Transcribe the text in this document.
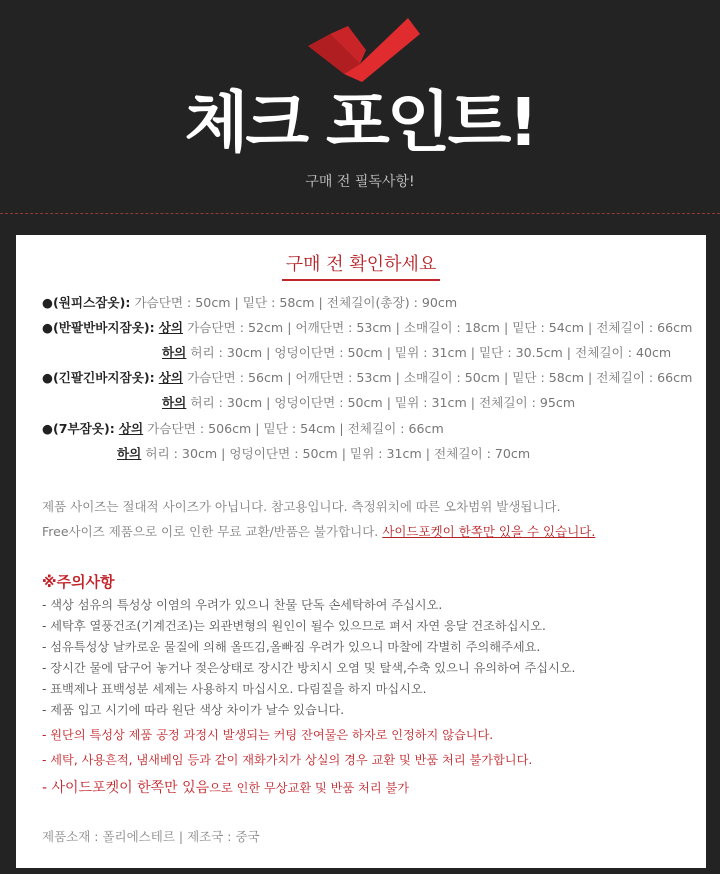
체크 포인트!
구매 전 필독사항!
구매 전 확인하세요
●(원피스잠옷): 가슴단면 : 50cm | 밑단 : 58cm | 전체길이(총장) : 90cm
●(반팔반바지잠옷): 상의 가슴단면 : 52cm | 어깨단면 : 53cm | 소매길이 : 18cm | 밑단 : 54cm | 전체길이 : 66cm
하의 허리 : 30cm | 엉덩이단면 : 50cm | 밑위 : 31cm | 밑단 : 30.5cm | 전체길이 : 40cm
●(긴팔긴바지잠옷): 상의 가슴단면 : 56cm | 어깨단면 : 53cm | 소매길이 : 50cm | 밑단 : 58cm | 전체길이 : 66cm
하의 허리 : 30cm | 엉덩이단면 : 50cm | 밑위 : 31cm | 전체길이 : 95cm
●(7부잠옷): 상의 가슴단면 : 506cm | 밑단 : 54cm | 전체길이 : 66cm
하의 허리 : 30cm | 엉덩이단면 : 50cm | 밑위 : 31cm | 전체길이 : 70cm
제품 사이즈는 절대적 사이즈가 아닙니다. 참고용입니다. 측정위치에 따른 오차범위 발생됩니다.
Free사이즈 제품으로 이로 인한 무료 교환/반품은 불가합니다. 사이드포켓이 한쪽만 있을 수 있습니다.
※주의사항
- 색상 섬유의 특성상 이염의 우려가 있으니 찬물 단독 손세탁하여 주십시오.
- 세탁후 열풍건조(기계건조)는 외관변형의 원인이 될수 있으므로 펴서 자연 응달 건조하십시오.
- 섬유특성상 날카로운 물질에 의해 올뜨김,올빠짐 우려가 있으니 마찰에 각별히 주의해주세요.
- 장시간 물에 담구어 놓거나 젖은상태로 장시간 방치시 오염 및 탈색,수축 있으니 유의하여 주십시오.
- 표백제나 표백성분 세제는 사용하지 마십시오. 다림질을 하지 마십시오.
- 제품 입고 시기에 따라 원단 색상 차이가 날수 있습니다.
- 원단의 특성상 제품 공정 과정시 발생되는 커팅 잔여물은 하자로 인정하지 않습니다.
- 세탁, 사용흔적, 냄새베임 등과 같이 재화가치가 상실의 경우 교환 및 반품 처리 불가합니다.
- 사이드포켓이 한쪽만 있음으로 인한 무상교환 및 반품 처리 불가
제품소재 : 폴리에스테르 | 제조국 : 중국
